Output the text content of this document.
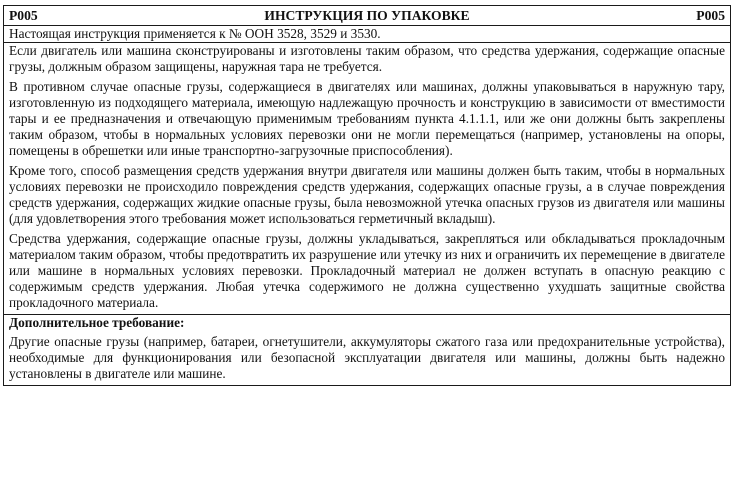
P005	P005
ИНСТРУКЦИЯ ПО УПАКОВКЕ

Настоящая инструкция применяется к № ООН 3528, 3529 и 3530.

Если двигатель или машина сконструированы и изготовлены таким образом, что средства удержания, содержащие опасные грузы, должным образом защищены, наружная тара не требуется.

В противном случае опасные грузы, содержащиеся в двигателях или машинах, должны упаковываться в наружную тару, изготовленную из подходящего материала, имеющую надлежащую прочность и конструкцию в зависимости от вместимости тары и ее предназначения и отвечающую применимым требованиям пункта 4.1.1.1, или же они должны быть закреплены таким образом, чтобы в нормальных условиях перевозки они не могли перемещаться (например, установлены на опоры, помещены в обрешетки или иные транспортно-загрузочные приспособления).

Кроме того, способ размещения средств удержания внутри двигателя или машины должен быть таким, чтобы в нормальных условиях перевозки не происходило повреждения средств удержания, содержащих опасные грузы, а в случае повреждения средств удержания, содержащих жидкие опасные грузы, была невозможной утечка опасных грузов из двигателя или машины (для удовлетворения этого требования может использоваться герметичный вкладыш).

Средства удержания, содержащие опасные грузы, должны укладываться, закрепляться или обкладываться прокладочным материалом таким образом, чтобы предотвратить их разрушение или утечку из них и ограничить их перемещение в двигателе или машине в нормальных условиях перевозки. Прокладочный материал не должен вступать в опасную реакцию с содержимым средств удержания. Любая утечка содержимого не должна существенно ухудшать защитные свойства прокладочного материала.

Дополнительное требование:

Другие опасные грузы (например, батареи, огнетушители, аккумуляторы сжатого газа или предохранительные устройства), необходимые для функционирования или безопасной эксплуатации двигателя или машины, должны быть надежно установлены в двигателе или машине.
